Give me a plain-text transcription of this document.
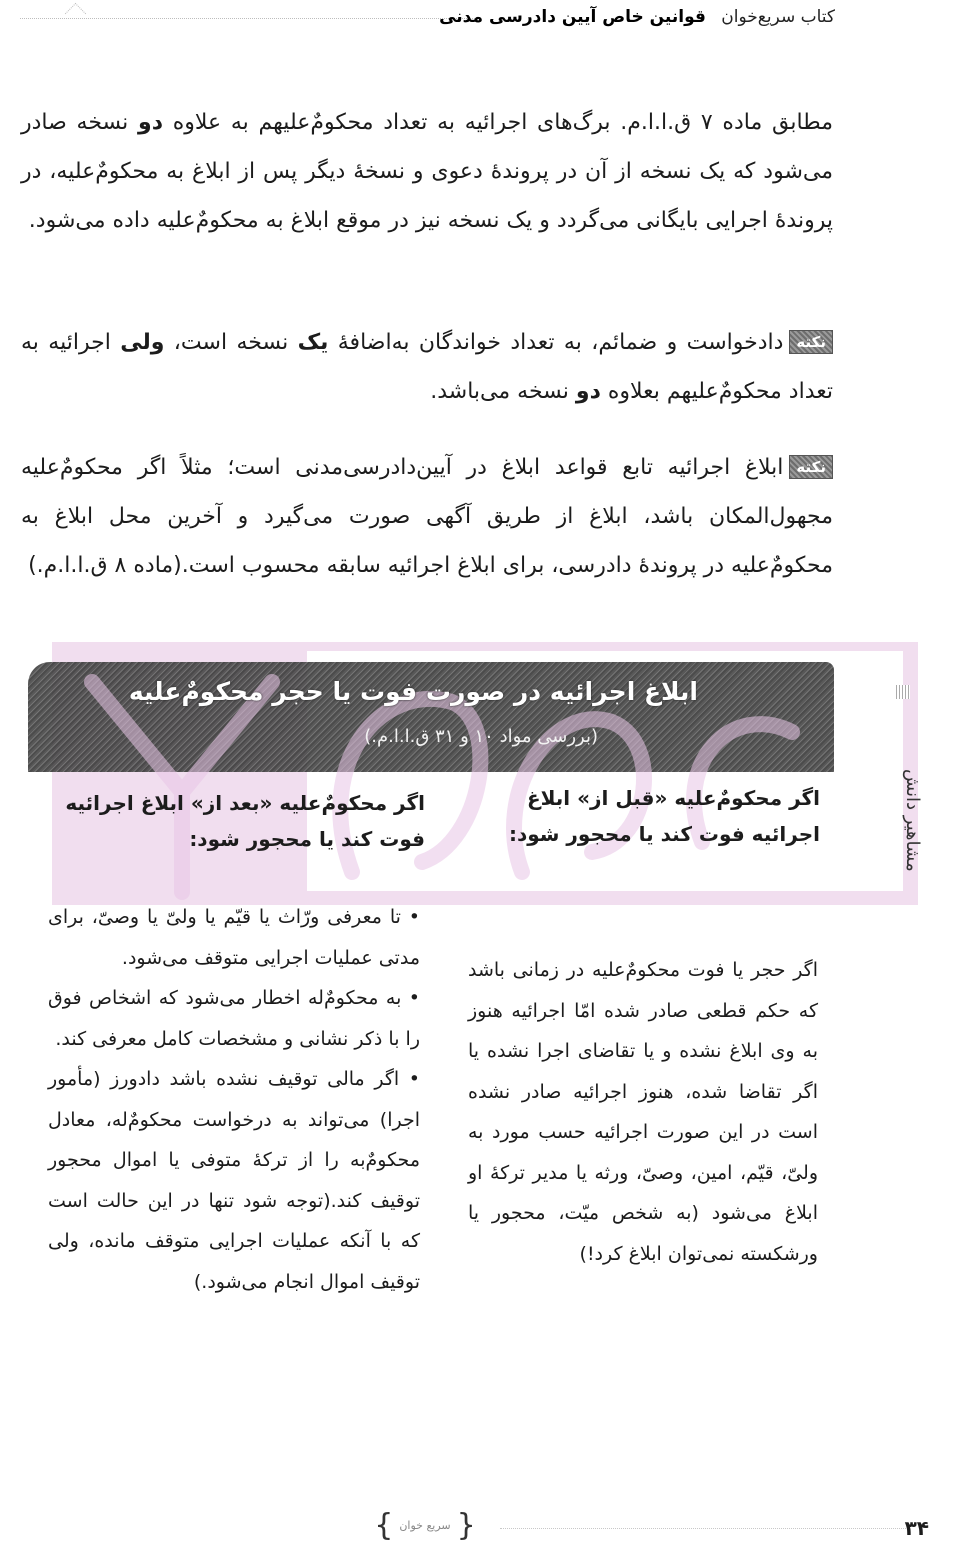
کتاب سریع‌خوان قوانین خاص آیین دادرسی مدنی
مطابق ماده ۷ ق.ا.ا.م. برگ‌های اجرائیه به تعداد محکومٌ‌علیهم به علاوه دو نسخه صادر می‌شود که یک نسخه از آن در پروندهٔ دعوی و نسخهٔ دیگر پس از ابلاغ به محکومٌ‌علیه، در پروندهٔ اجرایی بایگانی می‌گردد و یک نسخه نیز در موقع ابلاغ به محکومٌ‌علیه داده می‌شود.
نکتهدادخواست و ضمائم، به تعداد خواندگان به‌اضافهٔ یک نسخه است، ولی اجرائیه به تعداد محکومٌ‌علیهم بعلاوه دو نسخه می‌باشد.
نکتهابلاغ اجرائیه تابع قواعد ابلاغ در آیین‌دادرسی‌مدنی است؛ مثلاً اگر محکومٌ‌علیه مجهول‌المکان باشد، ابلاغ از طریق آگهی صورت می‌گیرد و آخرین محل ابلاغ به محکومٌ‌علیه در پروندهٔ دادرسی، برای ابلاغ اجرائیه سابقه محسوب است.(ماده ۸ ق.ا.ا.م.)
ابلاغ اجرائیه در صورت فوت یا حجر محکومٌ‌علیه
(بررسی مواد ۱۰ و ۳۱ ق.ا.ا.م.)
اگر محکومٌ‌علیه «قبل از» ابلاغ اجرائیه فوت کند یا محجور شود:
اگر محکومٌ‌علیه «بعد از» ابلاغ اجرائیه فوت کند یا محجور شود:	مشاهیر دانش

• تا معرفی ورّاث یا قیّم یا ولیّ یا وصیّ، برای مدتی عملیات اجرایی متوقف می‌شود.

• به محکومٌ‌له اخطار می‌شود که اشخاص فوق را با ذکر نشانی و مشخصات کامل معرفی کند.

• اگر مالی توقیف نشده باشد دادورز (مأمور اجرا) می‌تواند به درخواست محکومٌ‌له، معادل محکومٌ‌به را از ترکهٔ متوفی یا اموال محجور توقیف کند.(توجه شود تنها در این حالت است که با آنکه عملیات اجرایی متوقف مانده، ولی توقیف اموال انجام می‌شود.)

اگر حجر یا فوت محکومٌ‌علیه در زمانی باشد که حکم قطعی صادر شده امّا اجرائیه هنوز به وی ابلاغ نشده و یا تقاضای اجرا نشده یا اگر تقاضا شده، هنوز اجرائیه صادر نشده است در این صورت اجرائیه حسب مورد به ولیّ، قیّم، امین، وصیّ، ورثه یا مدیر ترکهٔ او ابلاغ می‌شود (به شخص میّت، محجور یا ورشکسته نمی‌توان ابلاغ کرد!)

{ سریع خوان }	۳۴
